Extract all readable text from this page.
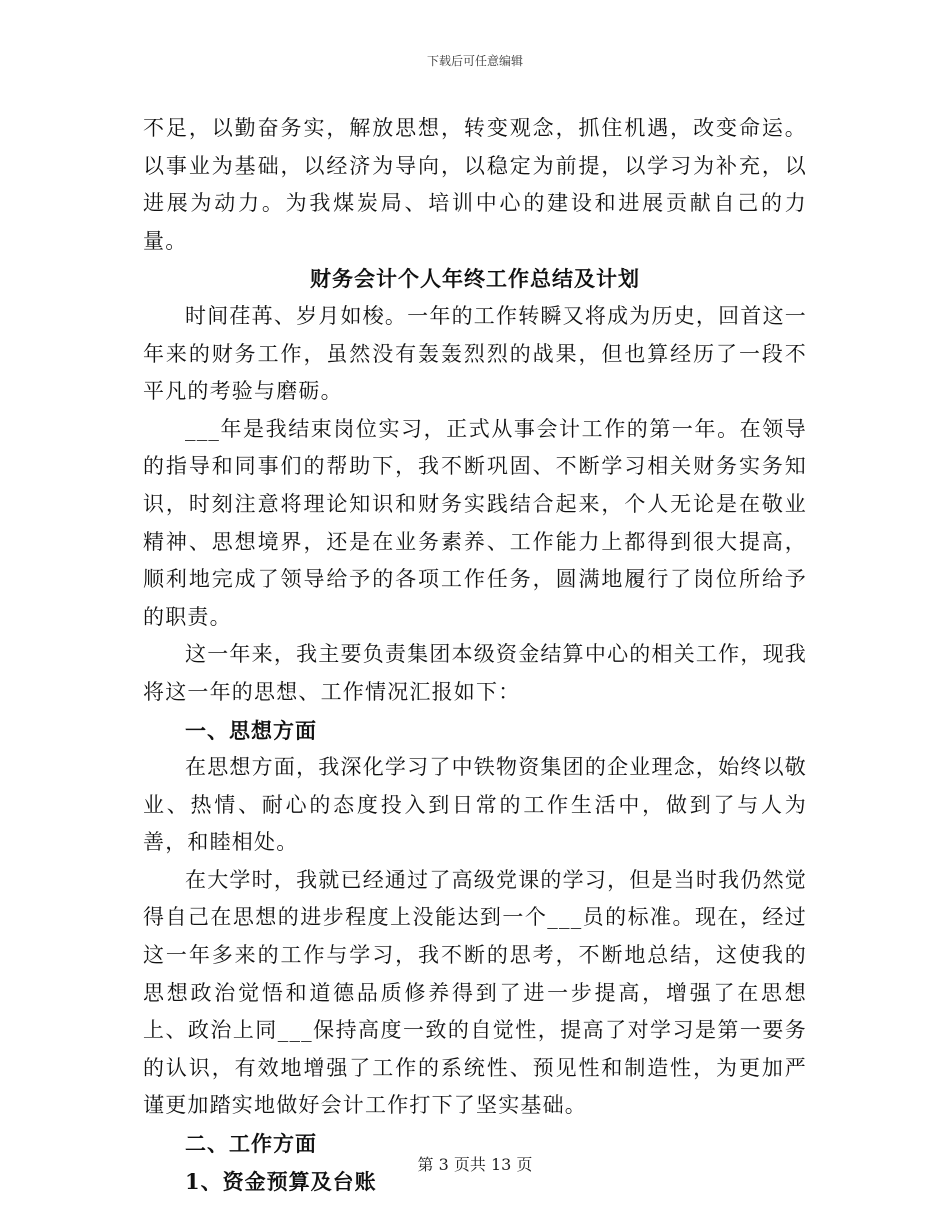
下载后可任意编辑

不足，以勤奋务实，解放思想，转变观念，抓住机遇，改变命运。以事业为基础，以经济为导向，以稳定为前提，以学习为补充，以进展为动力。为我煤炭局、培训中心的建设和进展贡献自己的力量。

财务会计个人年终工作总结及计划

时间荏苒、岁月如梭。一年的工作转瞬又将成为历史，回首这一年来的财务工作，虽然没有轰轰烈烈的战果，但也算经历了一段不平凡的考验与磨砺。

___年是我结束岗位实习，正式从事会计工作的第一年。在领导的指导和同事们的帮助下，我不断巩固、不断学习相关财务实务知识，时刻注意将理论知识和财务实践结合起来，个人无论是在敬业精神、思想境界，还是在业务素养、工作能力上都得到很大提高，顺利地完成了领导给予的各项工作任务，圆满地履行了岗位所给予的职责。

这一年来，我主要负责集团本级资金结算中心的相关工作，现我将这一年的思想、工作情况汇报如下：

一、思想方面

在思想方面，我深化学习了中铁物资集团的企业理念，始终以敬业、热情、耐心的态度投入到日常的工作生活中，做到了与人为善，和睦相处。

在大学时，我就已经通过了高级党课的学习，但是当时我仍然觉得自己在思想的进步程度上没能达到一个___员的标准。现在，经过这一年多来的工作与学习，我不断的思考，不断地总结，这使我的思想政治觉悟和道德品质修养得到了进一步提高，增强了在思想上、政治上同___保持高度一致的自觉性，提高了对学习是第一要务的认识，有效地增强了工作的系统性、预见性和制造性，为更加严谨更加踏实地做好会计工作打下了坚实基础。

二、工作方面

1、资金预算及台账

第 3 页共 13 页
